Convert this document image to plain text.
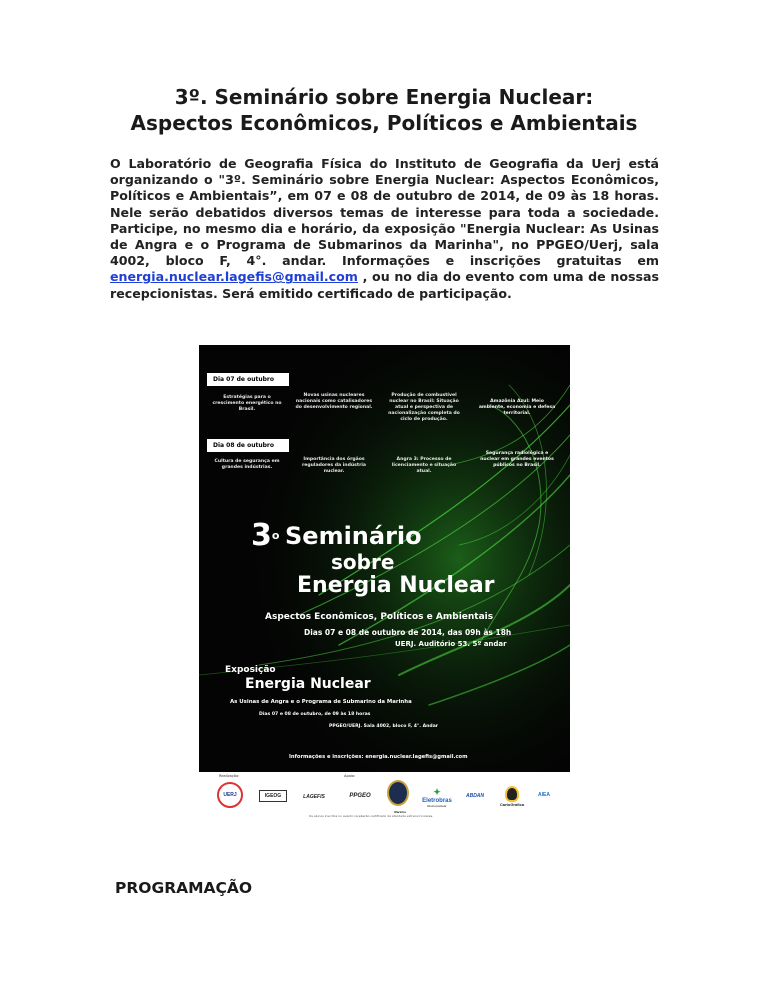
3º. Seminário sobre Energia Nuclear:
Aspectos Econômicos, Políticos e Ambientais

O Laboratório de Geografia Física do Instituto de Geografia da Uerj está organizando o "3º. Seminário sobre Energia Nuclear: Aspectos Econômicos, Políticos e Ambientais”, em 07 e 08 de outubro de 2014, de 09 às 18 horas. Nele serão debatidos diversos temas de interesse para toda a sociedade. Participe, no mesmo dia e horário, da exposição "Energia Nuclear: As Usinas de Angra e o Programa de Submarinos da Marinha", no PPGEO/Uerj, sala 4002, bloco F, 4°. andar. Informações e inscrições gratuitas em energia.nuclear.lagefis@gmail.com , ou no dia do evento com uma de nossas recepcionistas. Será emitido certificado de participação.

Dia 07 de outubro
Estratégias para o crescimento energético no Brasil.
Novas usinas nucleares nacionais como catalisadores do desenvolvimento regional.
Produção de combustível nuclear no Brasil: Situação atual e perspectiva de nacionalização completa do ciclo de produção.
Amazônia Azul: Meio ambiente, economia e defesa territorial.
Dia 08 de outubro
Cultura de segurança em grandes indústrias.
Importância dos órgãos reguladores da indústria nuclear.
Angra 3: Processo de licenciamento e situação atual.
Segurança radiológica e nuclear em grandes eventos públicos no Brasil.
3$^o$ Seminário
sobre
Energia Nuclear
Aspectos Econômicos, Políticos e Ambientais
Dias 07 e 08 de outubro de 2014, das 09h às 18h
UERJ. Auditório 53. 5º andar
Exposição
Energia Nuclear
As Usinas de Angra e o Programa de Submarino da Marinha
Dias 07 e 08 de outubro, de 09 às 18 horas
PPGEO/UERJ. Sala 4002, bloco F, 4°. Andar
Informações e inscrições: energia.nuclear.lagefis@gmail.com
Realização:	Apoio:
UERJ	IGEOG	LAGEFIS	PPGEO
Marinha
✦
Eletrobras
Eletronuclear
ABDAN
CartoGrafica
AIEA
Os alunos inscritos no evento receberão certificado de atividade extracurriculares.
PROGRAMAÇÃO
